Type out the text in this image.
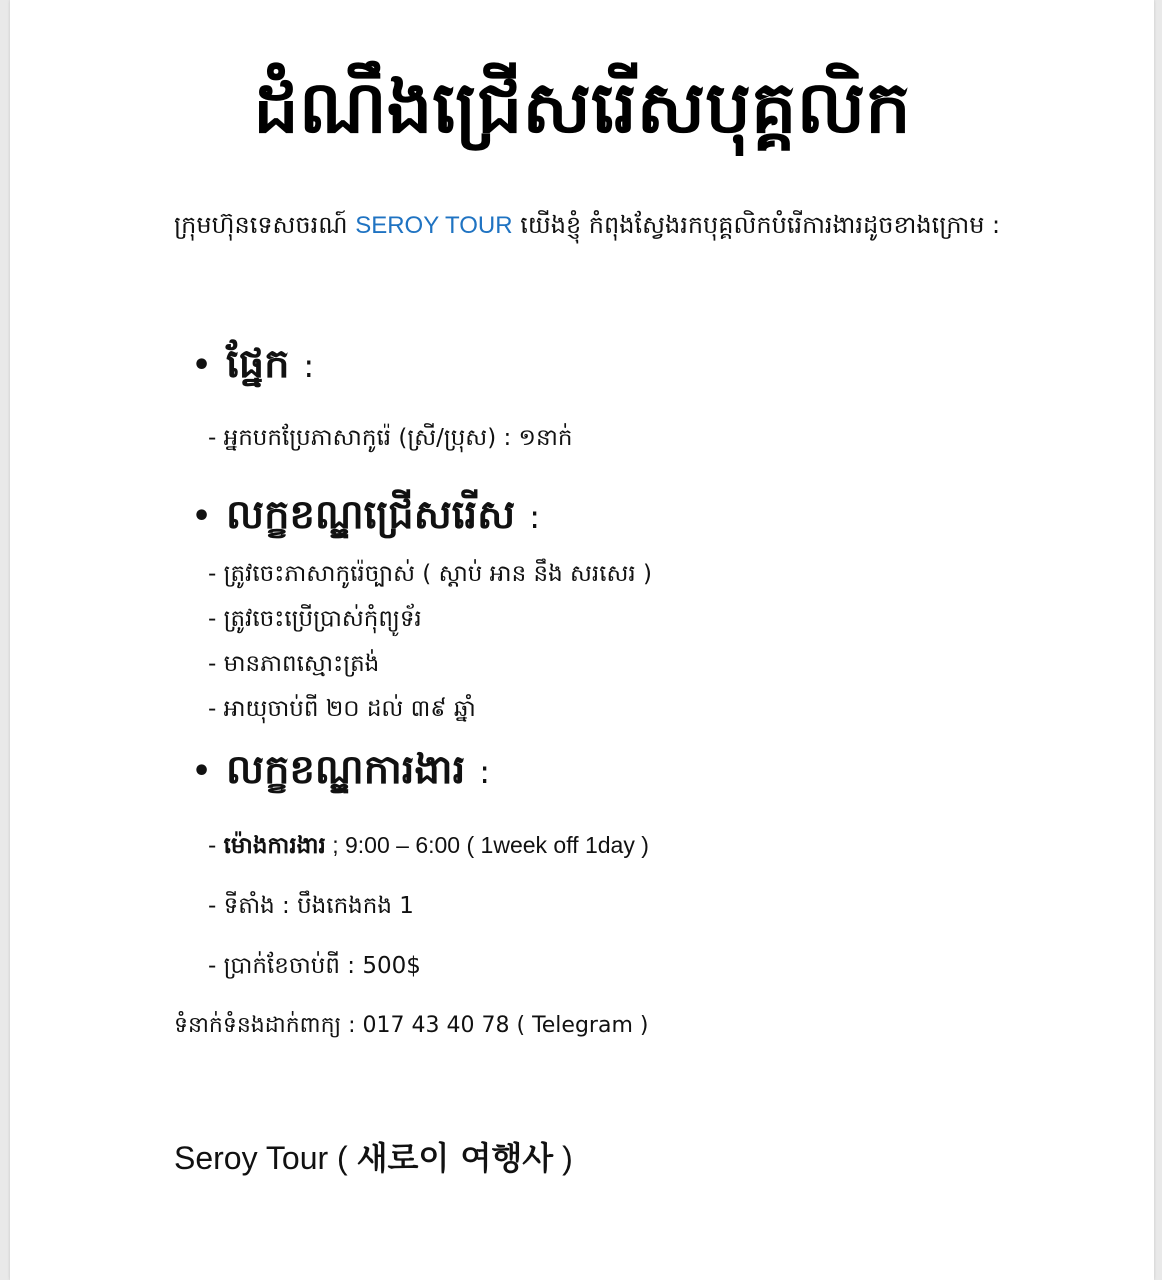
ដំណឹងជ្រើសរើសបុគ្គលិក
ក្រុមហ៊ុនទេសចរណ៍ SEROY TOUR យើងខ្ញុំ កំពុងស្វែងរកបុគ្គលិកបំរើការងារដូចខាងក្រោម :
• ផ្នែក :
- អ្នកបកប្រែភាសាកូរ៉េ (ស្រី/ប្រុស) : ១នាក់
• លក្ខខណ្ឌជ្រើសរើស :
- ត្រូវចេះភាសាកូរ៉េច្បាស់ ( ស្តាប់ អាន នឹង សរសេរ )
- ត្រូវចេះប្រើប្រាស់កុំព្យូទ័រ
- មានភាពស្មោះត្រង់
- អាយុចាប់ពី ២០ ដល់ ៣៩ ឆ្នាំ
• លក្ខខណ្ឌការងារ :
- ម៉ោងការងារ ; 9:00 – 6:00 ( 1week off 1day )
- ទីតាំង : បឹងកេងកង 1
- ប្រាក់ខែចាប់ពី : 500$
ទំនាក់ទំនងដាក់ពាក្យ : 017 43 40 78 ( Telegram )
Seroy Tour ( 새로이 여행사 )
